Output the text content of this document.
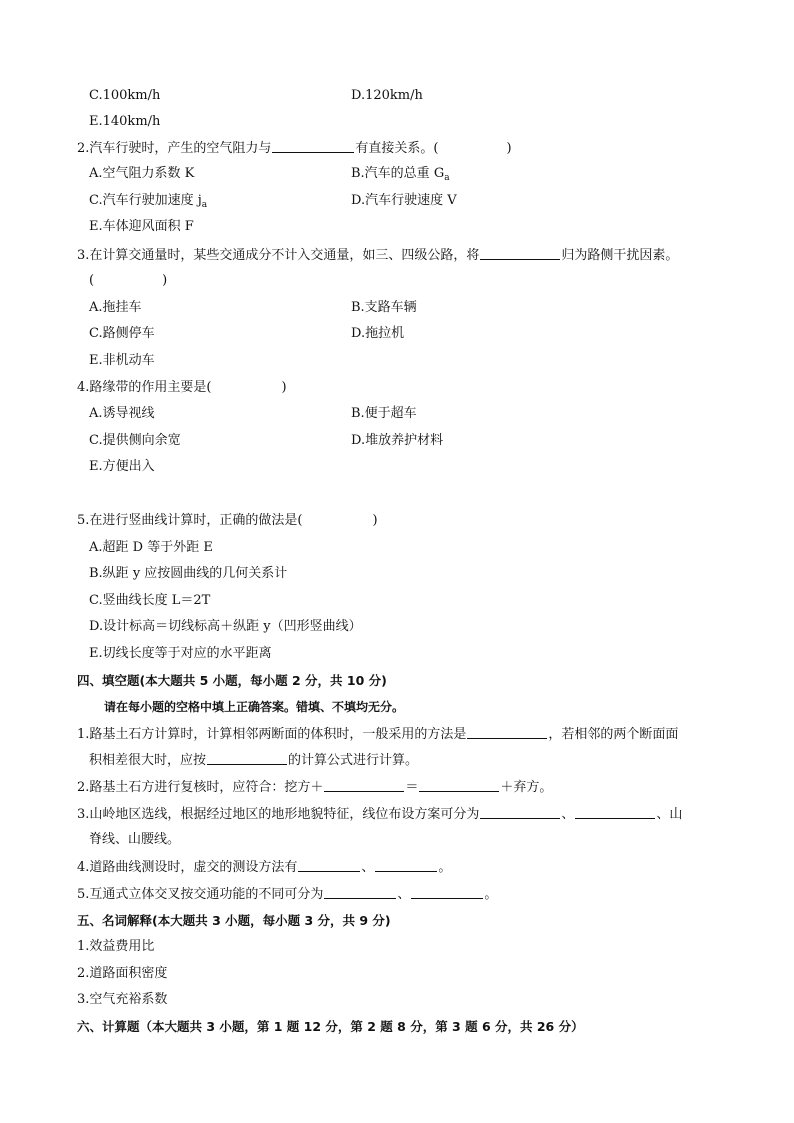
C.100km/h	D.120km/h
E.140km/h
2.汽车行驶时，产生的空气阻力与	有直接关系。(	)
A.空气阻力系数 K	B.汽车的总重 $G_a$
C.汽车行驶加速度 $j_a$	D.汽车行驶速度 V
E.车体迎风面积 F
3.在计算交通量时，某些交通成分不计入交通量，如三、四级公路，将	归为路侧干扰因素。
(	)
A.拖挂车	B.支路车辆
C.路侧停车	D.拖拉机
E.非机动车
4.路缘带的作用主要是(	)
A.诱导视线	B.便于超车
C.提供侧向余宽	D.堆放养护材料
E.方便出入
5.在进行竖曲线计算时，正确的做法是(	)
A.超距 D 等于外距 E
B.纵距 y 应按圆曲线的几何关系计
C.竖曲线长度 L＝2T
D.设计标高＝切线标高＋纵距 y（凹形竖曲线）
E.切线长度等于对应的水平距离
四、填空题(本大题共 5 小题，每小题 2 分，共 10 分)
请在每小题的空格中填上正确答案。错填、不填均无分。
1.路基土石方计算时，计算相邻两断面的体积时，一般采用的方法是	，若相邻的两个断面面
积相差很大时，应按	的计算公式进行计算。
2.路基土石方进行复核时，应符合：挖方＋	＝	＋弃方。
3.山岭地区选线，根据经过地区的地形地貌特征，线位布设方案可分为	、	、山
脊线、山腰线。
4.道路曲线测设时，虚交的测设方法有	、	。
5.互通式立体交叉按交通功能的不同可分为	、	。
五、名词解释(本大题共 3 小题，每小题 3 分，共 9 分)
1.效益费用比
2.道路面积密度
3.空气充裕系数
六、计算题（本大题共 3 小题，第 1 题 12 分，第 2 题 8 分，第 3 题 6 分，共 26 分）
